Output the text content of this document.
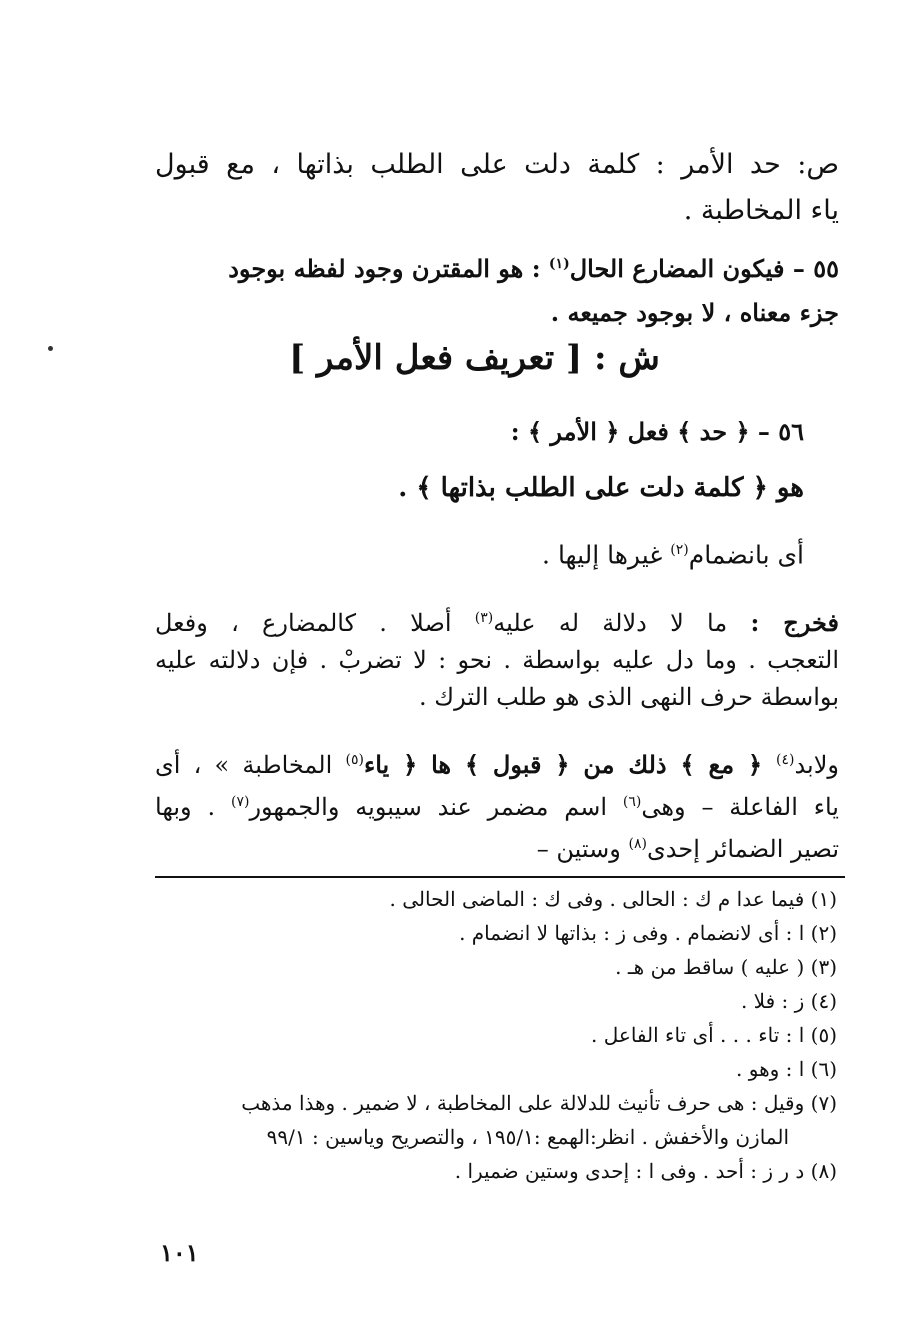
ص: حد الأمر : كلمة دلت على الطلب بذاتها ، مع قبول
ياء المخاطبة .
٥٥ – فيكون المضارع الحال$^{(١)}$ : هو المقترن وجود لفظه بوجود
جزء معناه ، لا بوجود جميعه .
ش : [ تعريف فعل الأمر ]
٥٦ – ﴿ حد ﴾ فعل ﴿ الأمر ﴾ :
هو ﴿ كلمة دلت على الطلب بذاتها ﴾ .
أى بانضمام$^{(٢)}$ غيرها إليها .
فخرج : ما لا دلالة له عليه$^{(٣)}$ أصلا . كالمضارع ، وفعل
التعجب . وما دل عليه بواسطة . نحو : لا تضربْ . فإن دلالته عليه
بواسطة حرف النهى الذى هو طلب الترك .
ولابد$^{(٤)}$ ﴿ مع ﴾ ذلك من ﴿ قبول ﴾ ها ﴿ ياء$^{(٥)}$ المخاطبة » ، أى
ياء الفاعلة – وهى$^{(٦)}$ اسم مضمر عند سيبويه والجمهور$^{(٧)}$ . وبها
تصير الضمائر إحدى$^{(٨)}$ وستين –
(١) فيما عدا م ك : الحالى . وفى ك : الماضى الحالى .
(٢) ا : أى لانضمام . وفى ز : بذاتها لا انضمام .
(٣) ( عليه ) ساقط من هـ .
(٤) ز : فلا .
(٥) ا : تاء . . . أى تاء الفاعل .
(٦) ا : وهو .
(٧) وقيل : هى حرف تأنيث للدلالة على المخاطبة ، لا ضمير . وهذا مذهب
المازن والأخفش . انظر:الهمع :١٩٥/١ ، والتصريح وياسين : ٩٩/١
(٨) د ر ز : أحد . وفى ا : إحدى وستين ضميرا .
١٠١
